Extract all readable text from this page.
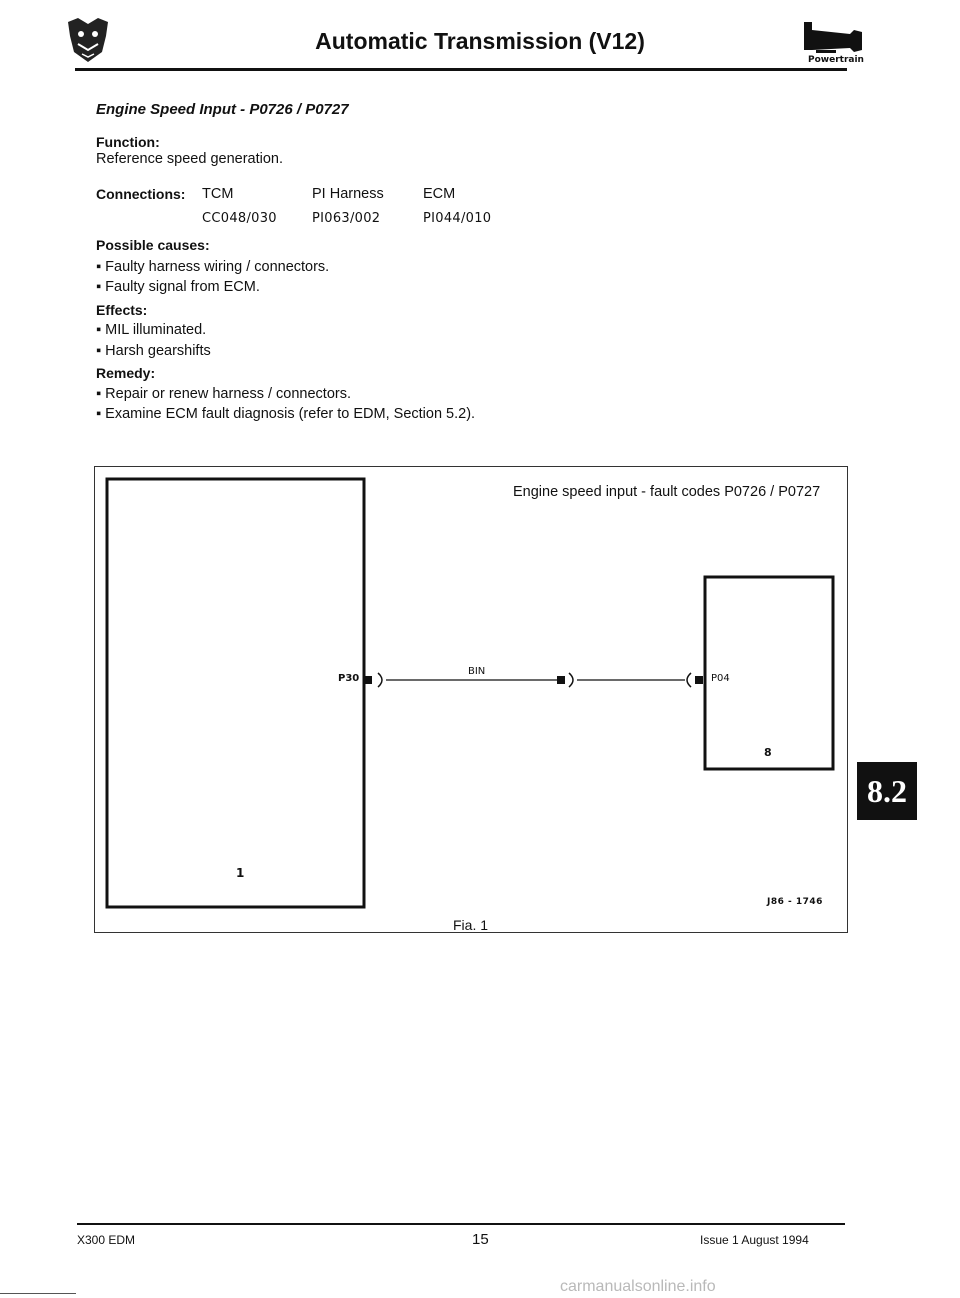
Automatic Transmission (V12)
Powertrain
Engine Speed Input - P0726 / P0727
Function:
Reference speed generation.
Connections: TCM	PI Harness	ECM
CC048/030	PI063/002	PI044/010
Possible causes:
▪ Faulty harness wiring / connectors.
▪ Faulty signal from ECM.
Effects:
▪ MIL illuminated.
▪ Harsh gearshifts
Remedy:
▪ Repair or renew harness / connectors.
▪ Examine ECM fault diagnosis (refer to EDM, Section 5.2).
P30
BIN
P04
1
8
Engine speed input - fault codes P0726 / P0727
J86 - 1746
Fia. 1
8.2
X300 EDM	15	Issue 1 August 1994
carmanualsonline.info
